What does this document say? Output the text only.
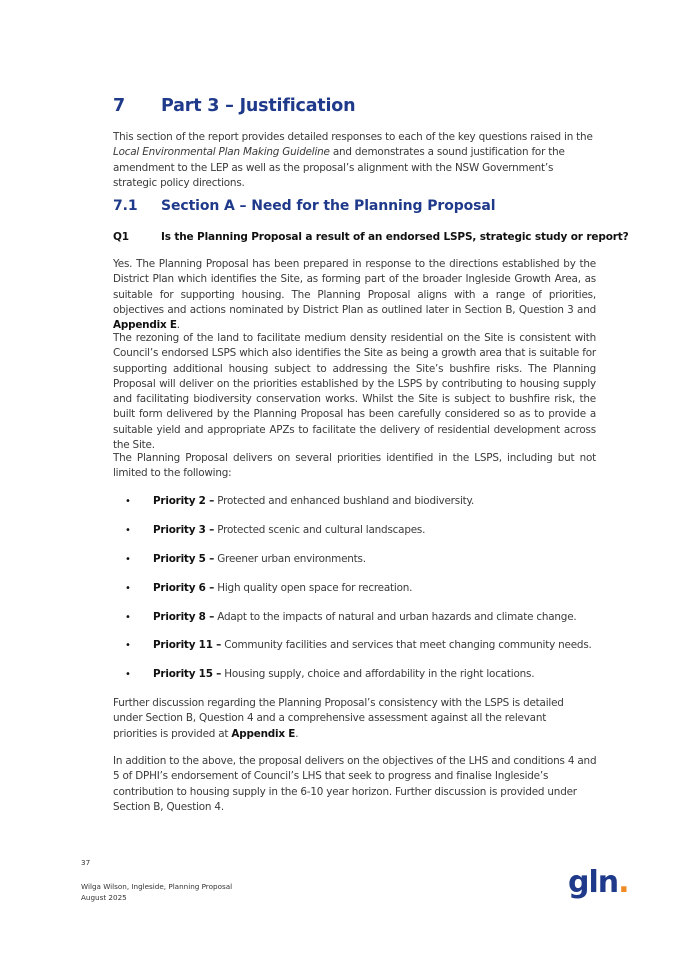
7 Part 3 – Justification
This section of the report provides detailed responses to each of the key questions raised in the Local Environmental Plan Making Guideline and demonstrates a sound justification for the amendment to the LEP as well as the proposal’s alignment with the NSW Government’s strategic policy directions.
7.1 Section A – Need for the Planning Proposal
Q1	Is the Planning Proposal a result of an endorsed LSPS, strategic study or report?
Yes. The Planning Proposal has been prepared in response to the directions established by the District Plan which identifies the Site, as forming part of the broader Ingleside Growth Area, as suitable for supporting housing. The Planning Proposal aligns with a range of priorities, objectives and actions nominated by District Plan as outlined later in Section B, Question 3 and Appendix E.
The rezoning of the land to facilitate medium density residential on the Site is consistent with Council’s endorsed LSPS which also identifies the Site as being a growth area that is suitable for supporting additional housing subject to addressing the Site’s bushfire risks. The Planning Proposal will deliver on the priorities established by the LSPS by contributing to housing supply and facilitating biodiversity conservation works. Whilst the Site is subject to bushfire risk, the built form delivered by the Planning Proposal has been carefully considered so as to provide a suitable yield and appropriate APZs to facilitate the delivery of residential development across the Site.
The Planning Proposal delivers on several priorities identified in the LSPS, including but not limited to the following:
• Priority 2 – Protected and enhanced bushland and biodiversity.
• Priority 3 – Protected scenic and cultural landscapes.
• Priority 5 – Greener urban environments.
• Priority 6 – High quality open space for recreation.
• Priority 8 – Adapt to the impacts of natural and urban hazards and climate change.
• Priority 11 – Community facilities and services that meet changing community needs.
• Priority 15 – Housing supply, choice and affordability in the right locations.
Further discussion regarding the Planning Proposal’s consistency with the LSPS is detailed under Section B, Question 4 and a comprehensive assessment against all the relevant priorities is provided at Appendix E.
In addition to the above, the proposal delivers on the objectives of the LHS and conditions 4 and 5 of DPHI’s endorsement of Council’s LHS that seek to progress and finalise Ingleside’s contribution to housing supply in the 6-10 year horizon. Further discussion is provided under Section B, Question 4.
37
Wilga Wilson, Ingleside, Planning Proposal
August 2025	gln.
